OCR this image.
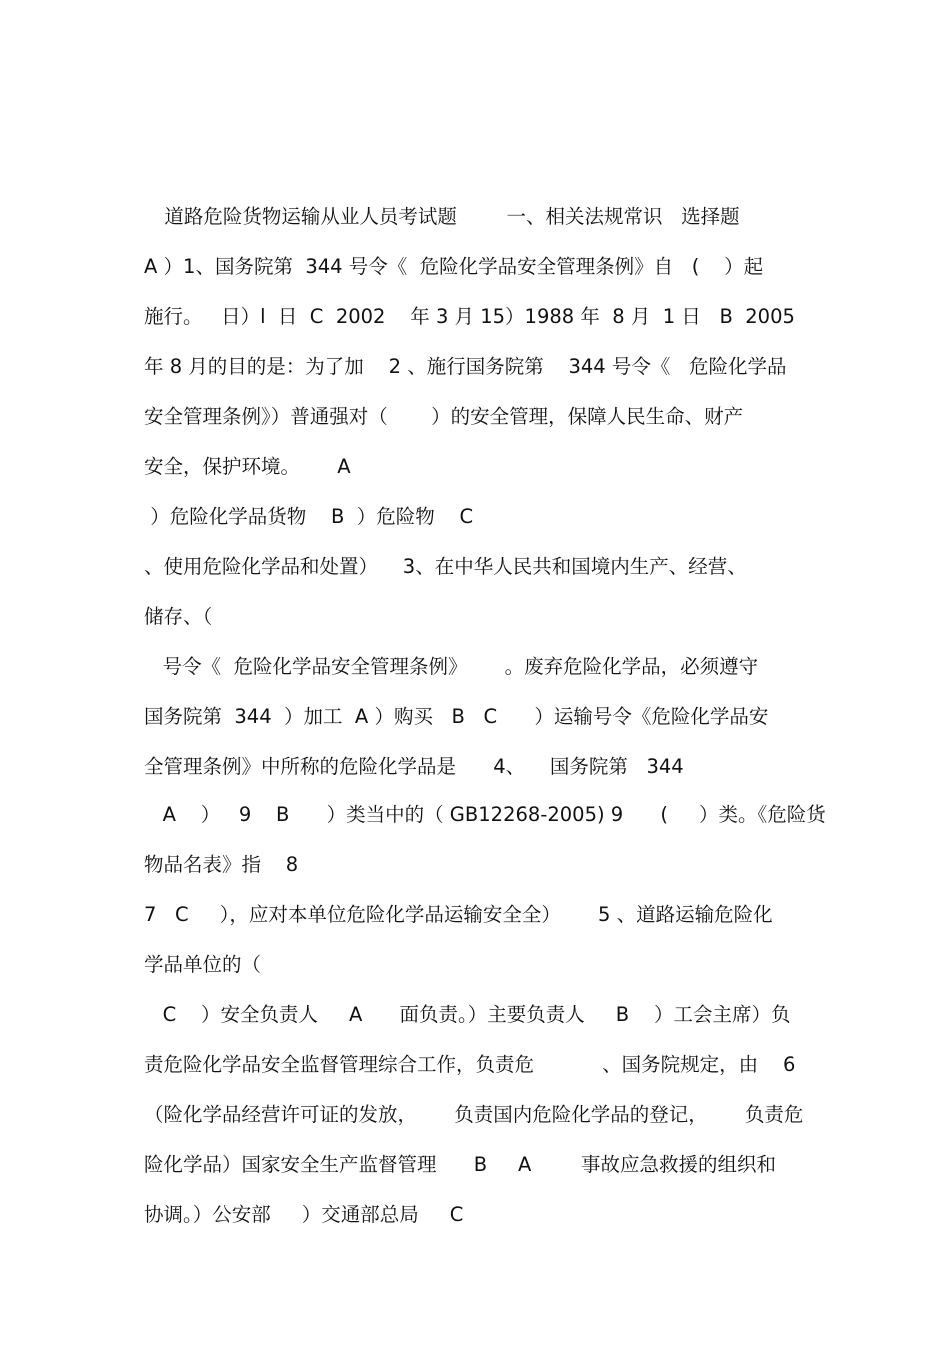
道路危险货物运输从业人员考试题        一、相关法规常识   选择题
A ）1、国务院第  344 号令《  危险化学品安全管理条例》自   (    ）起
施行。   日）l  日  C  2002    年 3 月 15）1988 年  8 月  1 日   B  2005
年 8 月的目的是：为了加    2 、施行国务院第    344 号令《   危险化学品
安全管理条例》）普通强对（       ）的安全管理，保障人民生命、财产
安全，保护环境。      A
）危险化学品货物    B  ）危险物    C
、使用危险化学品和处置）    3、在中华人民共和国境内生产、经营、
储存、（
号令《  危险化学品安全管理条例》      。废弃危险化学品，必须遵守
国务院第  344  ）加工  A ）购买   B   C      ）运输号令《危险化学品安
全管理条例》中所称的危险化学品是      4、    国务院第   344
A    ）   9    B      ）类当中的（ GB12268-2005) 9      (     ）类。《危险货
物品名表》指    8
7   C     ），应对本单位危险化学品运输安全全）      5 、道路运输危险化
学品单位的（
C    ）安全负责人     A      面负责。）主要负责人     B    ）工会主席）负
责危险化学品安全监督管理综合工作，负责危           、国务院规定，由    6
（险化学品经营许可证的发放，      负责国内危险化学品的登记，      负责危
险化学品）国家安全生产监督管理      B     A        事故应急救援的组织和
协调。）公安部     ）交通部总局     C
